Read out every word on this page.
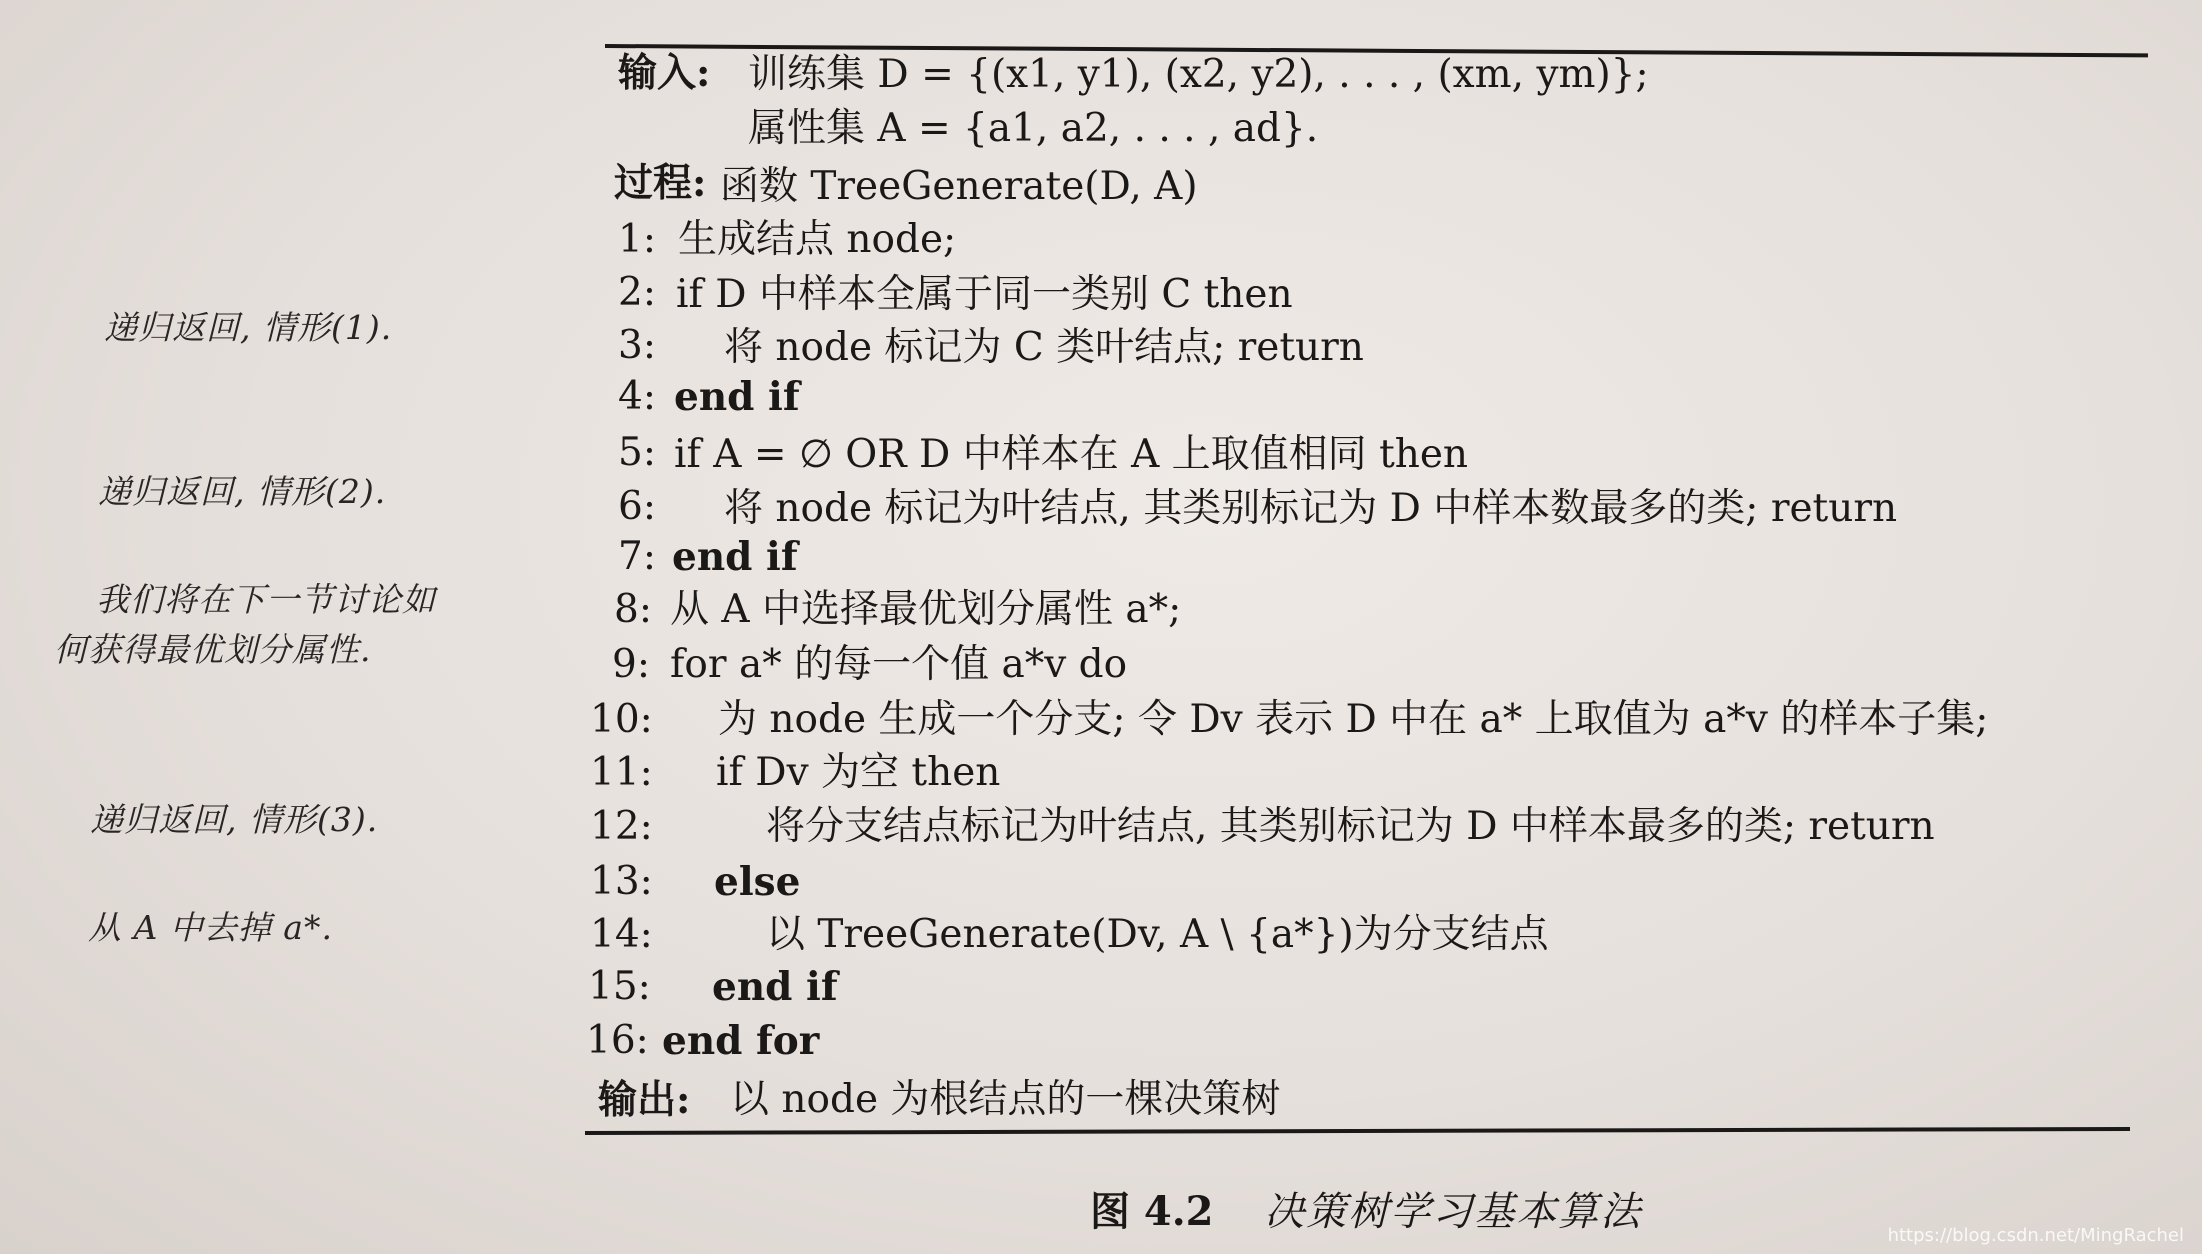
输入: 训练集 D = {(x1, y1), (x2, y2), . . . , (xm, ym)};
属性集 A = {a1, a2, . . . , ad}.
过程: 函数 TreeGenerate(D, A)
1: 生成结点 node;
2: if D 中样本全属于同一类别 C then
3: 将 node 标记为 C 类叶结点; return
4: end if
5: if A = ∅ OR D 中样本在 A 上取值相同 then
6: 将 node 标记为叶结点, 其类别标记为 D 中样本数最多的类; return
7: end if
8: 从 A 中选择最优划分属性 a*;
9: for a* 的每一个值 a*v do
10: 为 node 生成一个分支; 令 Dv 表示 D 中在 a* 上取值为 a*v 的样本子集;
11: if Dv 为空 then
12:	将分支结点标记为叶结点, 其类别标记为 D 中样本最多的类; return
13: else
14:	以 TreeGenerate(Dv, A \ {a*})为分支结点
15: end if
16: end for
输出: 以 node 为根结点的一棵决策树
递归返回, 情形(1).
递归返回, 情形(2).
我们将在下一节讨论如
何获得最优划分属性.
递归返回, 情形(3).
从 A 中去掉 a*.
图 4.2 决策树学习基本算法
https://blog.csdn.net/MingRachel
